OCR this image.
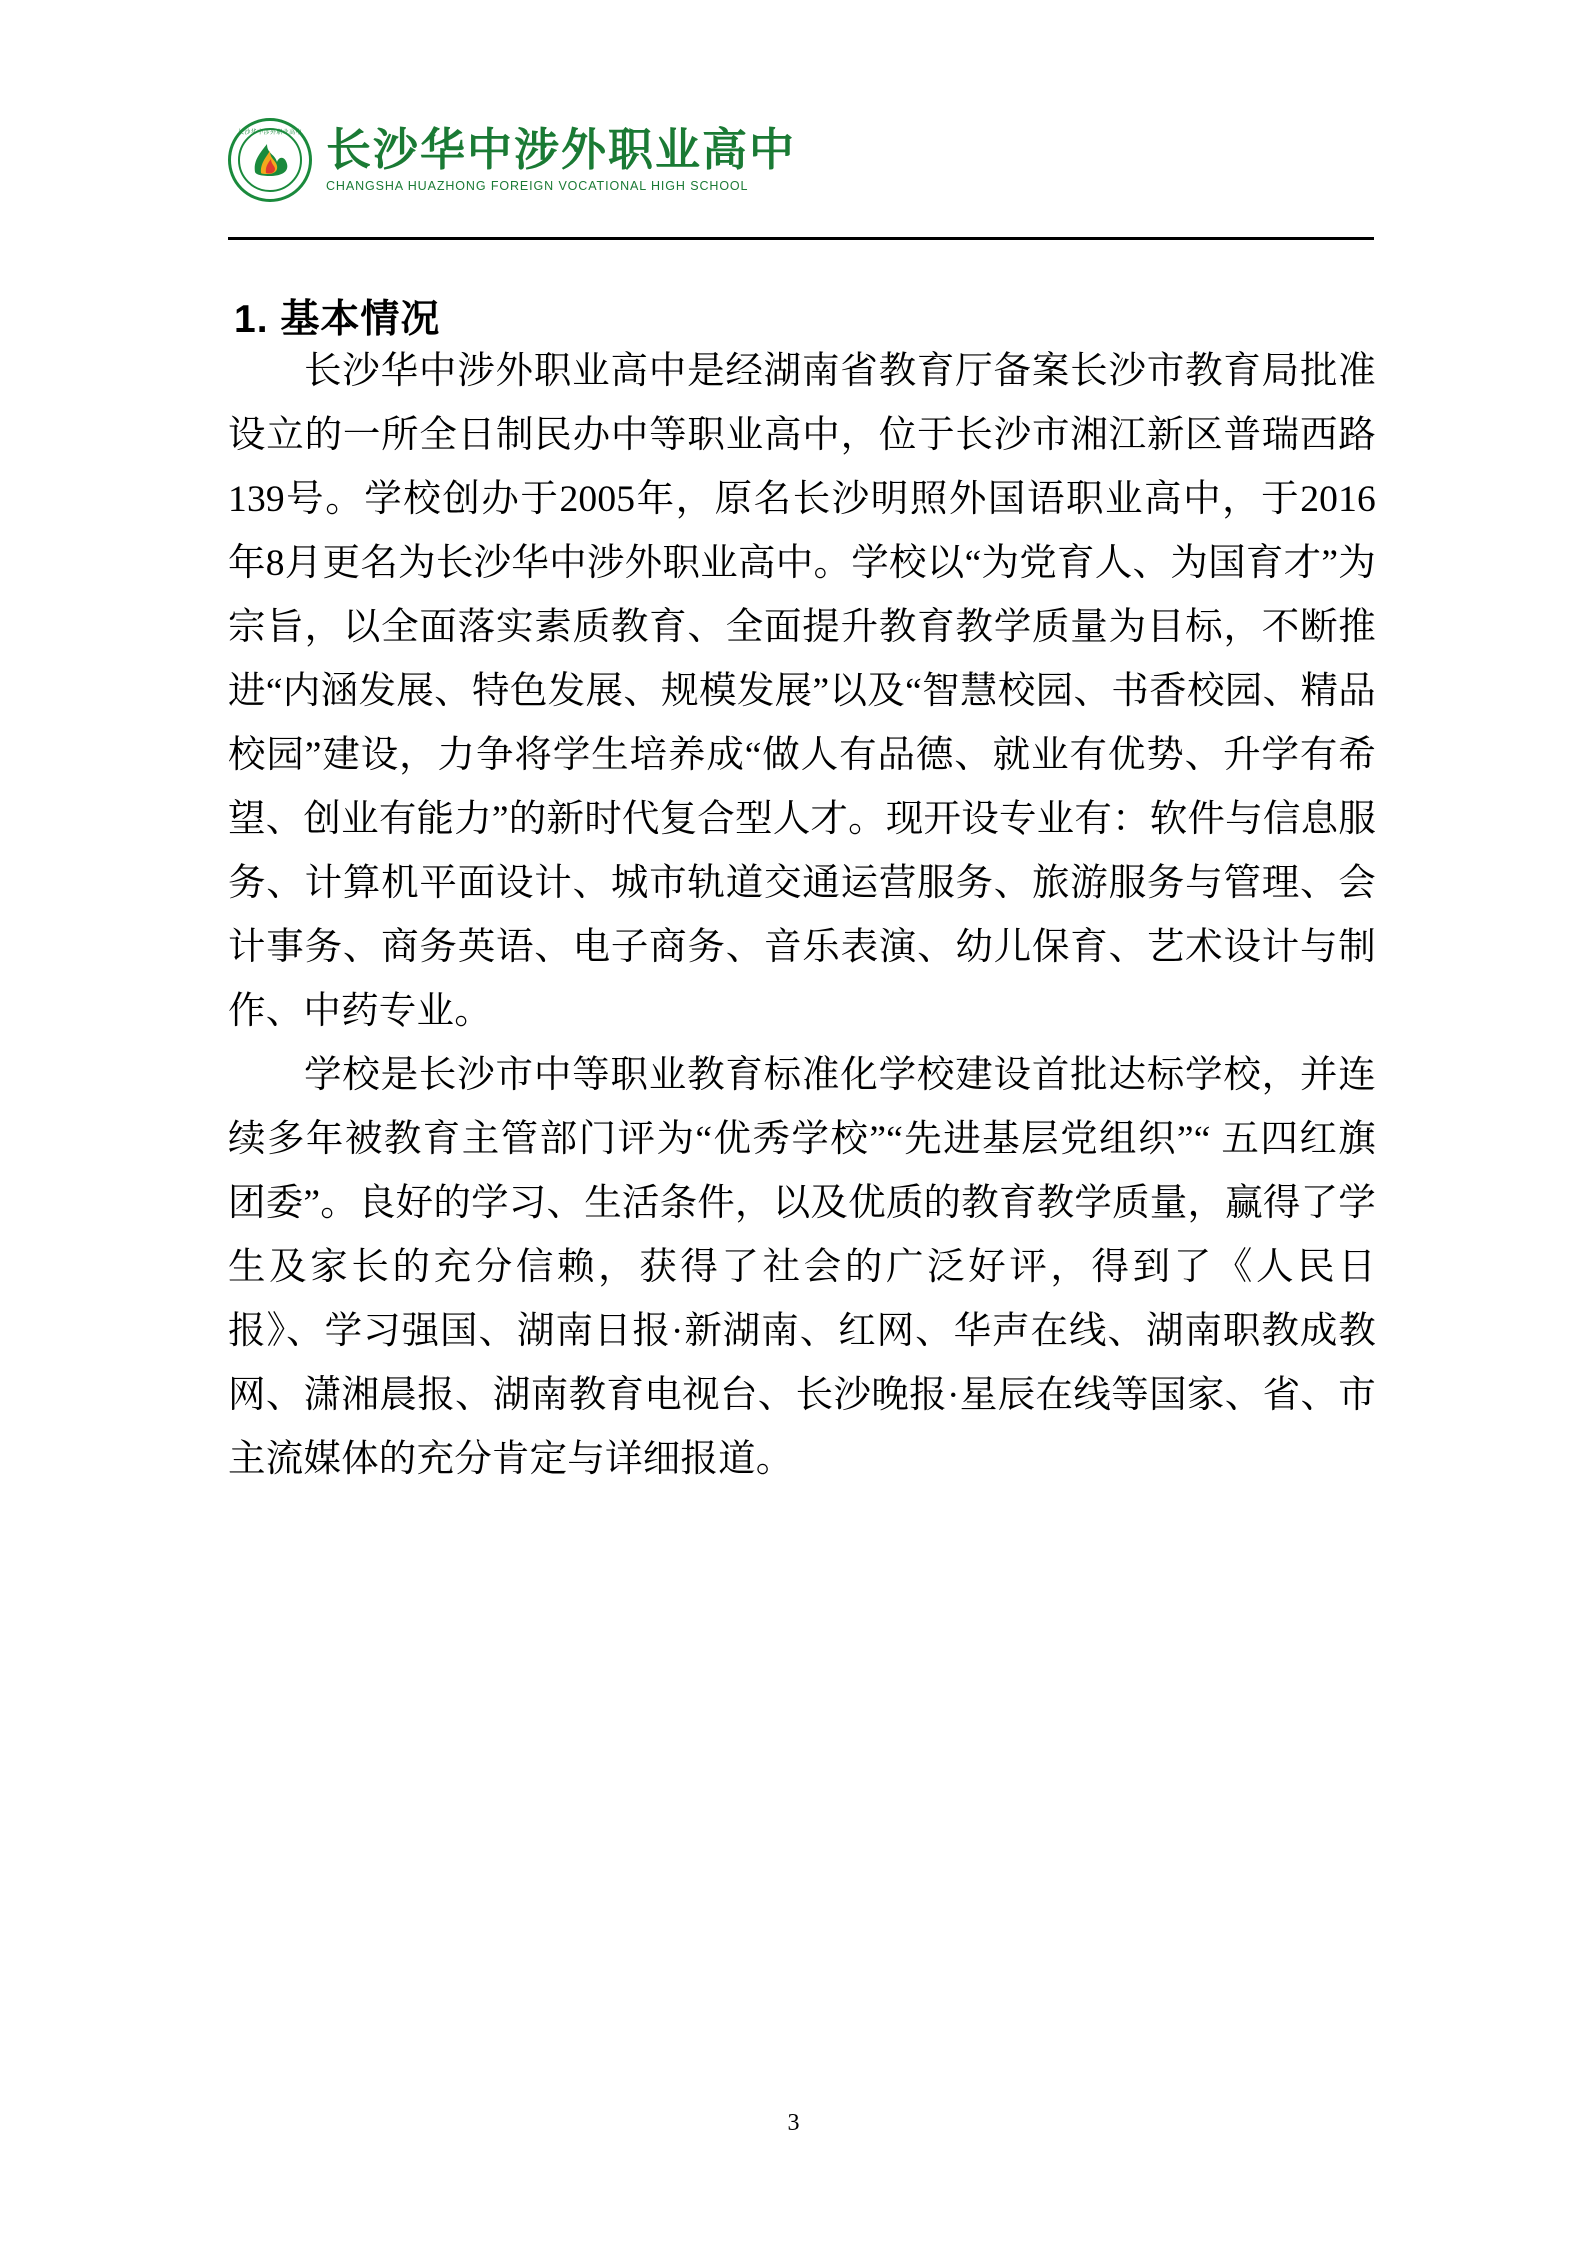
长沙华中涉外职业高中 长沙华中涉外职业高中
CHANGSHA HUAZHONG FOREIGN VOCATIONAL HIGH SCHOOL
1. 基本情况

长沙华中涉外职业高中是经湖南省教育厅备案长沙市教育局批准设立的一所全日制民办中等职业高中，位于长沙市湘江新区普瑞西路139号。学校创办于2005年，原名长沙明照外国语职业高中，于2016年8月更名为长沙华中涉外职业高中。学校以“为党育人、为国育才”为宗旨，以全面落实素质教育、全面提升教育教学质量为目标，不断推进“内涵发展、特色发展、规模发展”以及“智慧校园、书香校园、精品校园”建设，力争将学生培养成“做人有品德、就业有优势、升学有希望、创业有能力”的新时代复合型人才。现开设专业有：软件与信息服务、计算机平面设计、城市轨道交通运营服务、旅游服务与管理、会计事务、商务英语、电子商务、音乐表演、幼儿保育、艺术设计与制作、中药专业。

学校是长沙市中等职业教育标准化学校建设首批达标学校，并连续多年被教育主管部门评为“优秀学校”“先进基层党组织”“ 五四红旗团委”。良好的学习、生活条件，以及优质的教育教学质量，赢得了学生及家长的充分信赖，获得了社会的广泛好评，得到了《人民日报》、学习强国、湖南日报·新湖南、红网、华声在线、湖南职教成教网、潇湘晨报、湖南教育电视台、长沙晚报·星辰在线等国家、省、市主流媒体的充分肯定与详细报道。

3
